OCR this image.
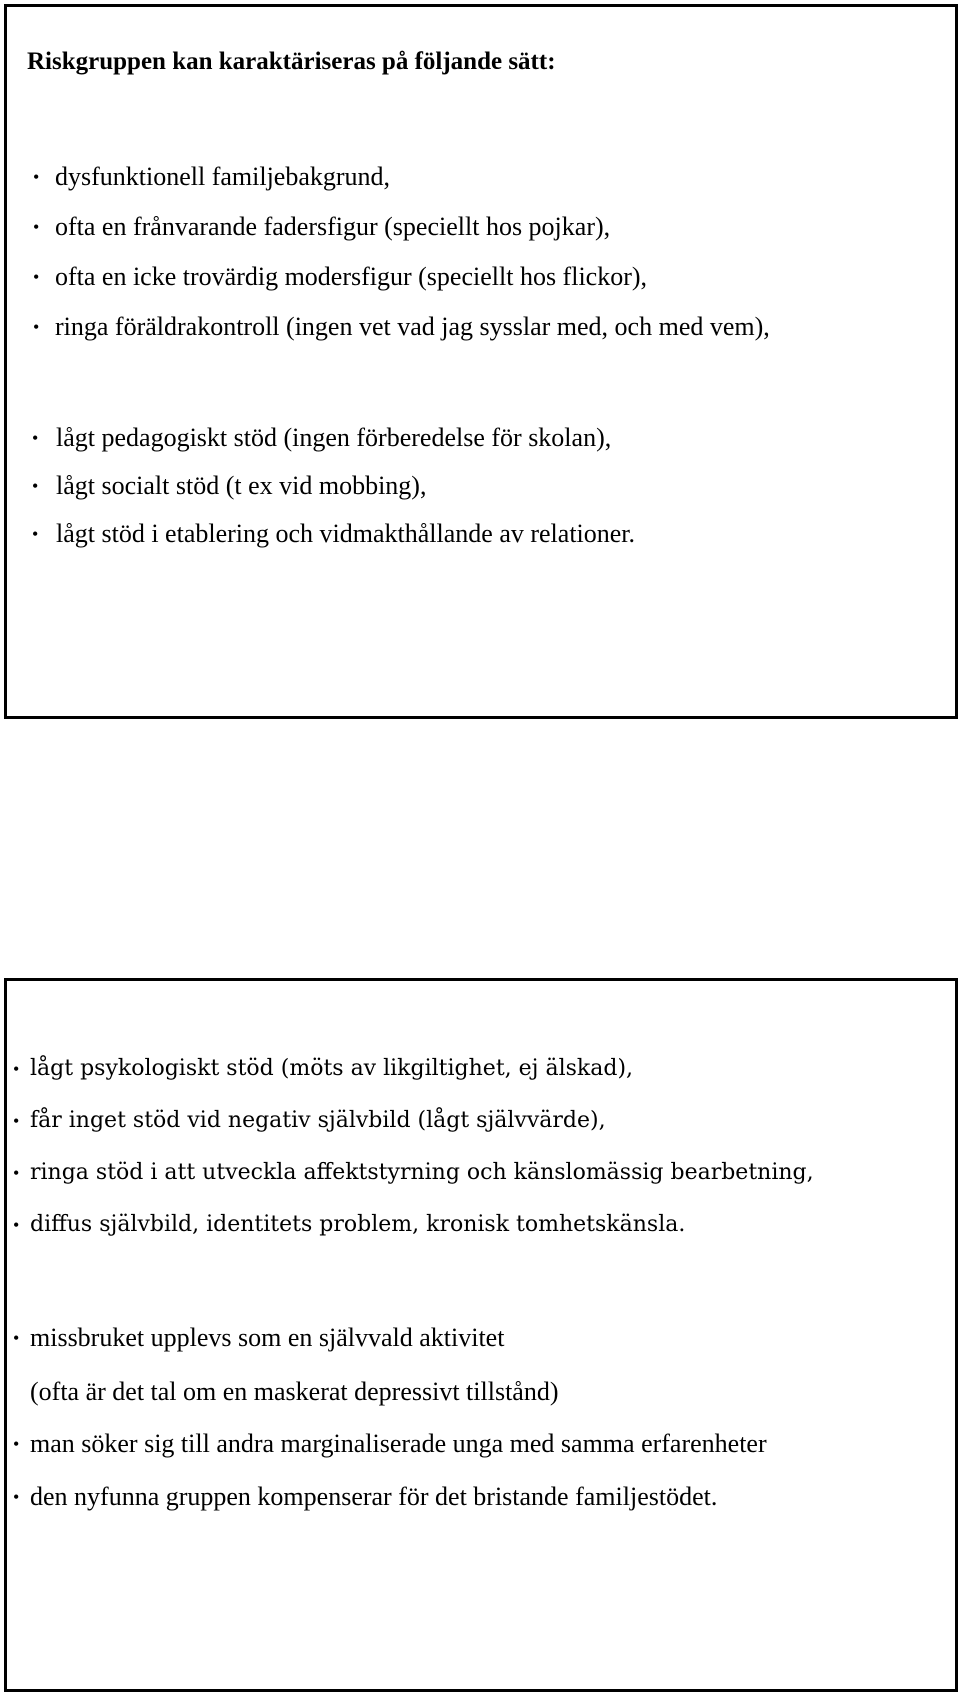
Riskgruppen kan karaktäriseras på följande sätt:
• dysfunktionell familjebakgrund,
• ofta en frånvarande fadersfigur (speciellt hos pojkar),
• ofta en icke trovärdig modersfigur (speciellt hos flickor),
• ringa föräldrakontroll (ingen vet vad jag sysslar med, och med vem),
• lågt pedagogiskt stöd (ingen förberedelse för skolan),
• lågt socialt stöd (t ex vid mobbing),
• lågt stöd i etablering och vidmakthållande av relationer.
• lågt psykologiskt stöd (möts av likgiltighet, ej älskad),
• får inget stöd vid negativ självbild (lågt självvärde),
• ringa stöd i att utveckla affektstyrning och känslomässig bearbetning,
• diffus självbild, identitets problem, kronisk tomhetskänsla.
• missbruket upplevs som en självvald aktivitet
(ofta är det tal om en maskerat depressivt tillstånd)
• man söker sig till andra marginaliserade unga med samma erfarenheter
• den nyfunna gruppen kompenserar för det bristande familjestödet.
